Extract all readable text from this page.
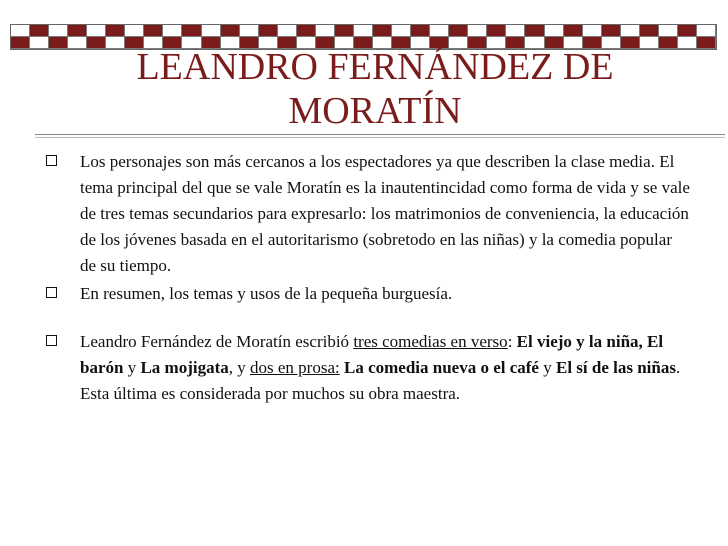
LEANDRO FERNÁNDEZ DE MORATÍN
Los personajes son más cercanos a los espectadores ya que describen la clase media. El tema principal del que se vale Moratín es la inautentincidad como forma de vida y se vale de tres temas secundarios para expresarlo: los matrimonios de conveniencia, la educación de los jóvenes basada en el autoritarismo (sobretodo en las niñas) y la comedia popular de su tiempo.
En resumen, los temas y usos de la pequeña burguesía.
Leandro Fernández de Moratín escribió tres comedias en verso: El viejo y la niña, El barón y La mojigata, y dos en prosa: La comedia nueva o el café y El sí de las niñas. Esta última es considerada por muchos su obra maestra.
